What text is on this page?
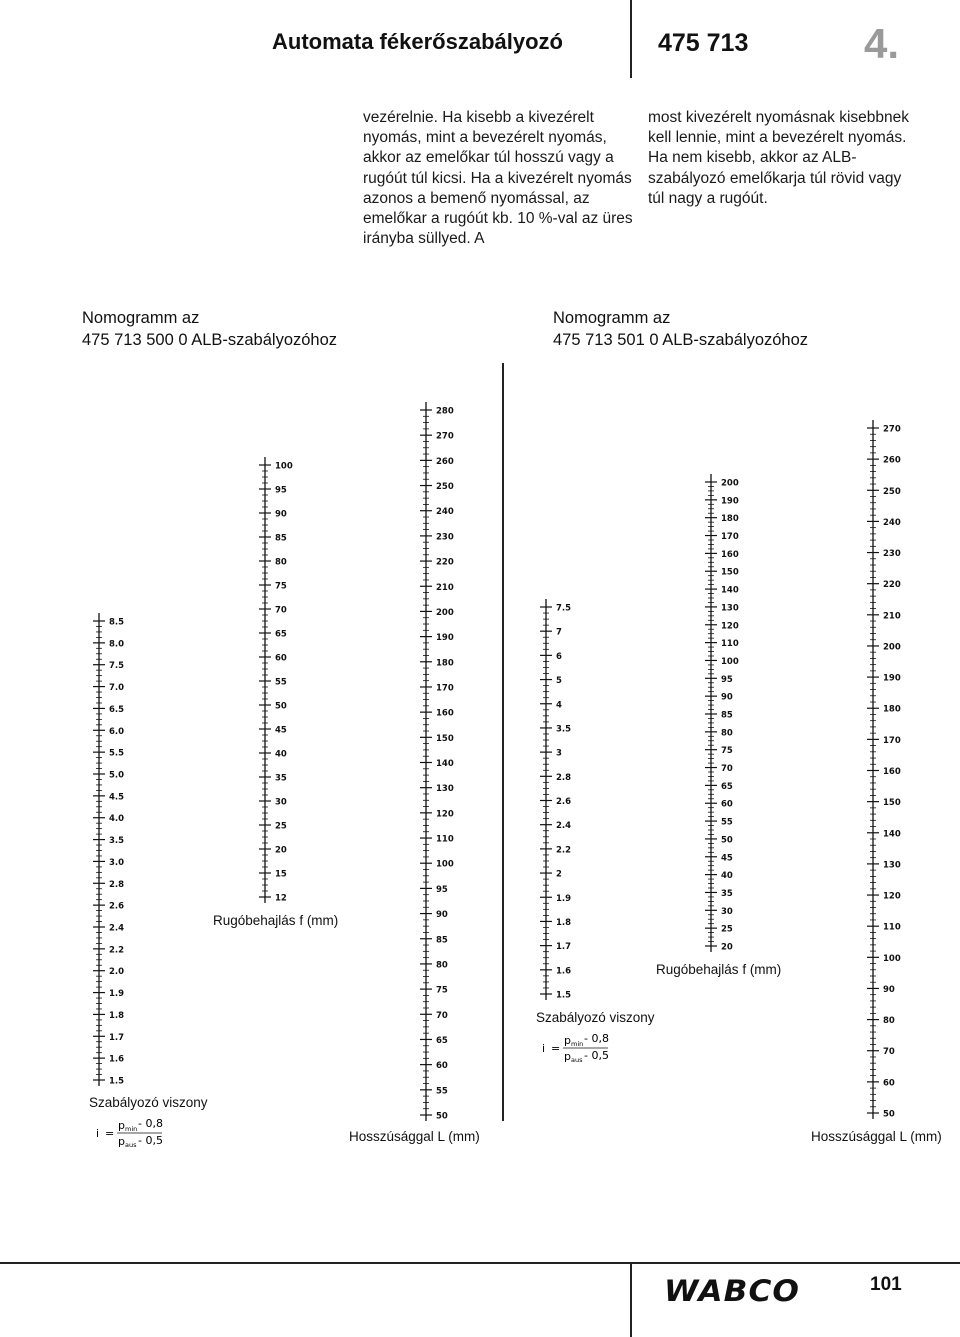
Automata fékerőszabályozó	475 713	4.
vezérelnie. Ha kisebb a kivezérelt nyomás, mint a bevezérelt nyomás, akkor az emelőkar túl hosszú vagy a rugóút túl kicsi. Ha a kivezérelt nyomás azonos a bemenő nyomással, az emelőkar a rugóút kb. 10 %-val az üres irányba süllyed. A
most kivezérelt nyomásnak kisebbnek kell lennie, mint a bevezérelt nyomás. Ha nem kisebb, akkor az ALB-szabályozó emelőkarja túl rövid vagy túl nagy a rugóút.
Nomogramm az
475 713 500 0 ALB-szabályozóhoz
Nomogramm az
475 713 501 0 ALB-szabályozóhoz
8.5
8.0
7.5
7.0
6.5
6.0
5.5
5.0
4.5
4.0
3.5
3.0
2.8
2.6
2.4
2.2
2.0
1.9
1.8
1.7
1.6
1.5
100
95
90
85
80
75
70
65
60
55
50
45
40
35
30
25
20
15
12
280
270
260
250
240
230
220
210
200
190
180
170
160
150
140
130
120
110
100
95
90
85
80
75
70
65
60
55
50
7.5
7
6
5
4
3.5
3
2.8
2.6
2.4
2.2
2
1.9
1.8
1.7
1.6
1.5
200
190
180
170
160
150
140
130
120
110
100
95
90
85
80
75
70
65
60
55
50
45
40
35
30
25
20
270
260
250
240
230
220
210
200
190
180
170
160
150
140
130
120
110
100
90
80
70
60
50
Szabályozó viszony
Rugóbehajlás f (mm)
Hosszúsággal L (mm)
Szabályozó viszony
Rugóbehajlás f (mm)
Hosszúsággal L (mm)
i =
p min - 0,8
p aus - 0,5
i =
p min - 0,8
p aus - 0,5
WABCO	101
